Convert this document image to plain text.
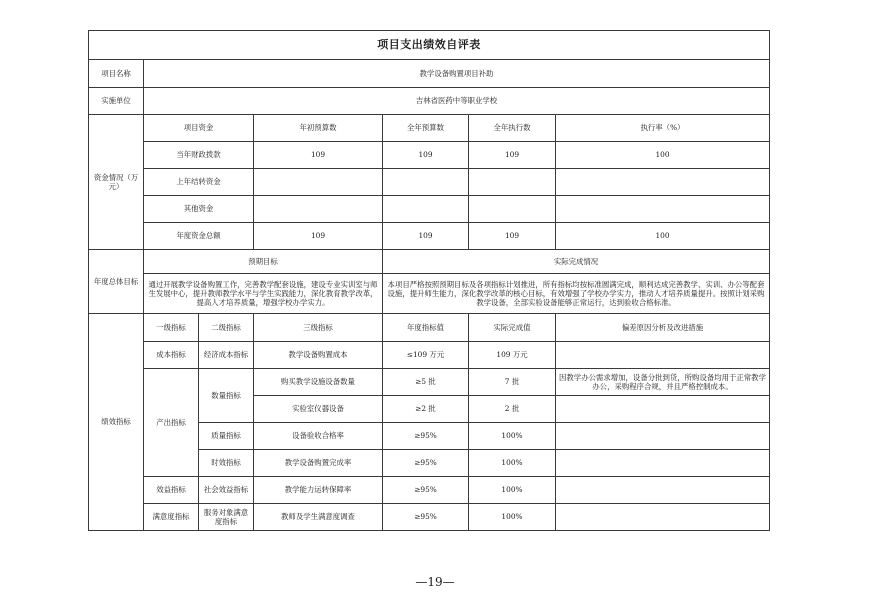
项目支出绩效自评表						
项目名称	教学设备购置项目补助					
实施单位	吉林省医药中等职业学校					
资金情况（万元）	项目资金		年初预算数	全年预算数	全年执行数	执行率（%）
	当年财政拨款		109	109	109	100
	上年结转资金					
	其他资金					
	年度资金总额		109	109	109	100
年度总体目标	预期目标			实际完成情况		
	通过开展教学设备购置工作，完善教学配套设施，建设专业实训室与师生发展中心，提升教师教学水平与学生实践能力，深化教育教学改革，提高人才培养质量，增强学校办学实力。			本项目严格按照预期目标及各项指标计划推进，所有指标均按标准圆满完成，顺利达成完善教学、实训、办公等配套设施，提升师生能力，深化教学改革的核心目标，有效增强了学校办学实力，推动人才培养质量提升。按照计划采购教学设备，全部实验设备能够正常运行，达到验收合格标准。		
绩效指标	一级指标	二级指标	三级指标	年度指标值	实际完成值	偏差原因分析及改进措施
	成本指标	经济成本指标	教学设备购置成本	≤109 万元	109 万元	
	产出指标	数量指标	购买教学设施设备数量	≥5 批	7 批	因教学办公需求增加，设备分批到货，所购设备均用于正常教学办公，采购程序合规，并且严格控制成本。
			实验室仪器设备	≥2 批	2 批	
		质量指标	设备验收合格率	≥95%	100%	
		时效指标	教学设备购置完成率	≥95%	100%	
	效益指标	社会效益指标	教学能力运转保障率	≥95%	100%	
	满意度指标	服务对象满意度指标	教师及学生满意度调查	≥95%	100%	
—19—
